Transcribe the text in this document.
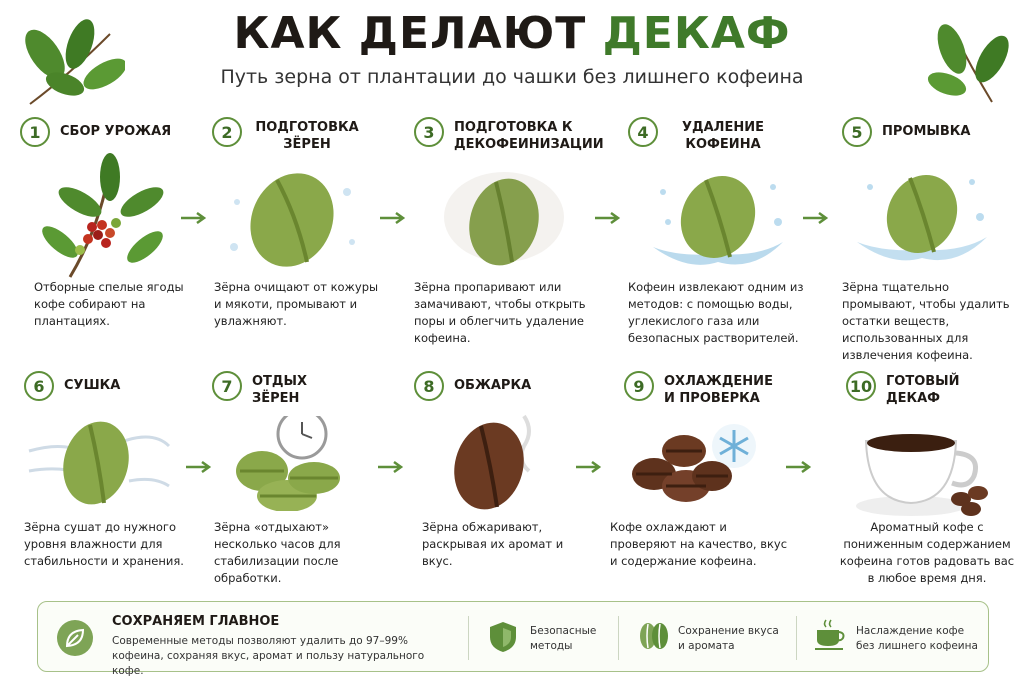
КАК ДЕЛАЮТ ДЕКАФ
Путь зерна от плантации до чашки без лишнего кофеина
1	СБОР УРОЖАЯ
Отборные спелые ягоды кофе собирают на плантациях.
2	ПОДГОТОВКА ЗЁРЕН
Зёрна очищают от кожуры и мякоти, промывают и увлажняют.
3	ПОДГОТОВКА К ДЕКОФЕИНИЗАЦИИ
Зёрна пропаривают или замачивают, чтобы открыть поры и облегчить удаление кофеина.
4	УДАЛЕНИЕ КОФЕИНА
Кофеин извлекают одним из методов: с помощью воды, углекислого газа или безопасных растворителей.
5	ПРОМЫВКА
Зёрна тщательно промывают, чтобы удалить остатки веществ, использованных для извлечения кофеина.
6	СУШКА
Зёрна сушат до нужного уровня влажности для стабильности и хранения.
7	ОТДЫХ ЗЁРЕН
Зёрна «отдыхают» несколько часов для стабилизации после обработки.
8	ОБЖАРКА
Зёрна обжаривают, раскрывая их аромат и вкус.
9	ОХЛАЖДЕНИЕ И ПРОВЕРКА
Кофе охлаждают и проверяют на качество, вкус и содержание кофеина.
10 ГОТОВЫЙ ДЕКАФ
Ароматный кофе с пониженным содержанием кофеина готов радовать вас в любое время дня.
СОХРАНЯЕМ ГЛАВНОЕ
Современные методы позволяют удалить до 97–99% кофеина, сохраняя вкус, аромат и пользу натурального кофе.
Безопасные методы
Сохранение вкуса и аромата
Наслаждение кофе без лишнего кофеина
